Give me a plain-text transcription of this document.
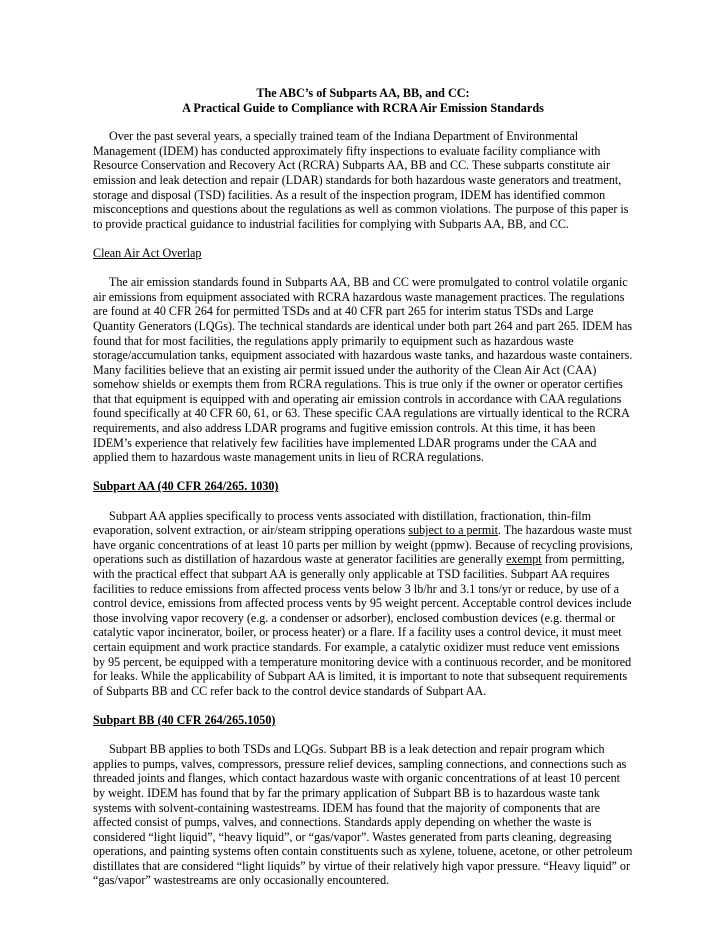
The ABC’s of Subparts AA, BB, and CC:

A Practical Guide to Compliance with RCRA Air Emission Standards

Over the past several years, a specially trained team of the Indiana Department of Environmental Management (IDEM) has conducted approximately fifty inspections to evaluate facility compliance with Resource Conservation and Recovery Act (RCRA) Subparts AA, BB and CC. These subparts constitute air emission and leak detection and repair (LDAR) standards for both hazardous waste generators and treatment, storage and disposal (TSD) facilities. As a result of the inspection program, IDEM has identified common misconceptions and questions about the regulations as well as common violations. The purpose of this paper is to provide practical guidance to industrial facilities for complying with Subparts AA, BB, and CC.

Clean Air Act Overlap

The air emission standards found in Subparts AA, BB and CC were promulgated to control volatile organic air emissions from equipment associated with RCRA hazardous waste management practices. The regulations are found at 40 CFR 264 for permitted TSDs and at 40 CFR part 265 for interim status TSDs and Large Quantity Generators (LQGs). The technical standards are identical under both part 264 and part 265. IDEM has found that for most facilities, the regulations apply primarily to equipment such as hazardous waste storage/accumulation tanks, equipment associated with hazardous waste tanks, and hazardous waste containers. Many facilities believe that an existing air permit issued under the authority of the Clean Air Act (CAA) somehow shields or exempts them from RCRA regulations. This is true only if the owner or operator certifies that that equipment is equipped with and operating air emission controls in accordance with CAA regulations found specifically at 40 CFR 60, 61, or 63. These specific CAA regulations are virtually identical to the RCRA requirements, and also address LDAR programs and fugitive emission controls. At this time, it has been IDEM’s experience that relatively few facilities have implemented LDAR programs under the CAA and applied them to hazardous waste management units in lieu of RCRA regulations.

Subpart AA (40 CFR 264/265. 1030)

Subpart AA applies specifically to process vents associated with distillation, fractionation, thin-film evaporation, solvent extraction, or air/steam stripping operations subject to a permit. The hazardous waste must have organic concentrations of at least 10 parts per million by weight (ppmw). Because of recycling provisions, operations such as distillation of hazardous waste at generator facilities are generally exempt from permitting, with the practical effect that subpart AA is generally only applicable at TSD facilities. Subpart AA requires facilities to reduce emissions from affected process vents below 3 lb/hr and 3.1 tons/yr or reduce, by use of a control device, emissions from affected process vents by 95 weight percent. Acceptable control devices include those involving vapor recovery (e.g. a condenser or adsorber), enclosed combustion devices (e.g. thermal or catalytic vapor incinerator, boiler, or process heater) or a flare. If a facility uses a control device, it must meet certain equipment and work practice standards. For example, a catalytic oxidizer must reduce vent emissions by 95 percent, be equipped with a temperature monitoring device with a continuous recorder, and be monitored for leaks. While the applicability of Subpart AA is limited, it is important to note that subsequent requirements of Subparts BB and CC refer back to the control device standards of Subpart AA.

Subpart BB (40 CFR 264/265.1050)

Subpart BB applies to both TSDs and LQGs. Subpart BB is a leak detection and repair program which applies to pumps, valves, compressors, pressure relief devices, sampling connections, and connections such as threaded joints and flanges, which contact hazardous waste with organic concentrations of at least 10 percent by weight. IDEM has found that by far the primary application of Subpart BB is to hazardous waste tank systems with solvent-containing wastestreams. IDEM has found that the majority of components that are affected consist of pumps, valves, and connections. Standards apply depending on whether the waste is considered “light liquid”, “heavy liquid”, or “gas/vapor”. Wastes generated from parts cleaning, degreasing operations, and painting systems often contain constituents such as xylene, toluene, acetone, or other petroleum distillates that are considered “light liquids” by virtue of their relatively high vapor pressure. “Heavy liquid” or “gas/vapor” wastestreams are only occasionally encountered.
